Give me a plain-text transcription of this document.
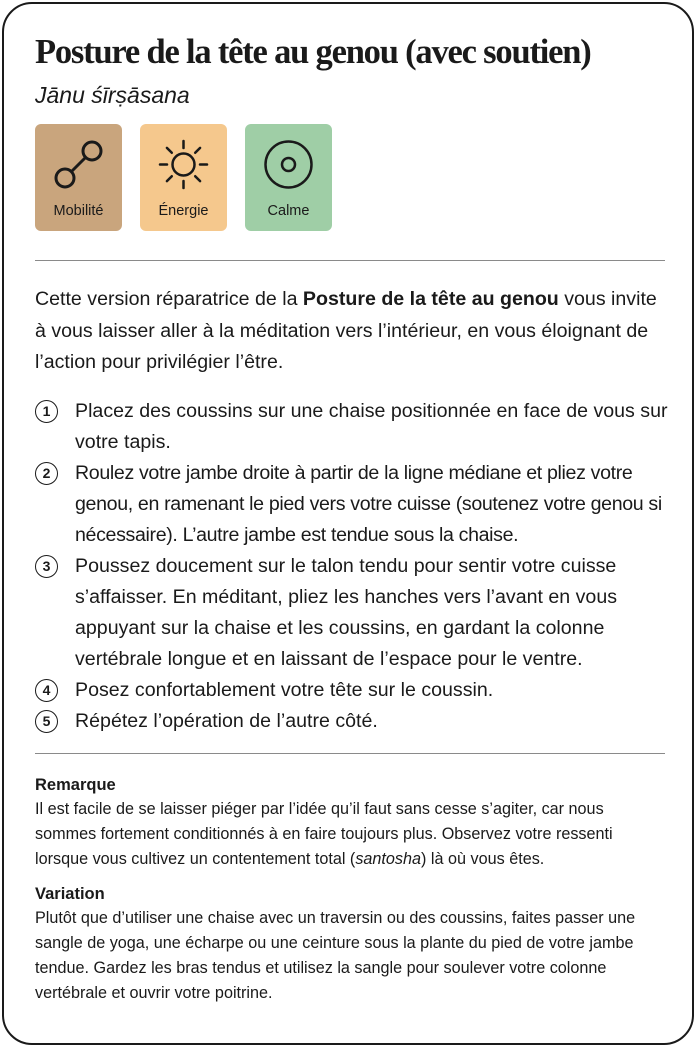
Posture de la tête au genou (avec soutien)
Jānu śīrṣāsana
Mobilité	Énergie	Calme

Cette version réparatrice de la Posture de la tête au genou vous invite à vous laisser aller à la méditation vers l’intérieur, en vous éloignant de l’action pour privilégier l’être.

1	Placez des coussins sur une chaise positionnée en face de vous sur votre tapis.
2	Roulez votre jambe droite à partir de la ligne médiane et pliez votre genou, en ramenant le pied vers votre cuisse (soutenez votre genou si nécessaire). L’autre jambe est tendue sous la chaise.
3	Poussez doucement sur le talon tendu pour sentir votre cuisse s’affaisser. En méditant, pliez les hanches vers l’avant en vous appuyant sur la chaise et les coussins, en gardant la colonne vertébrale longue et en laissant de l’espace pour le ventre.
4	Posez confortablement votre tête sur le coussin.
5	Répétez l’opération de l’autre côté.

Remarque

Il est facile de se laisser piéger par l’idée qu’il faut sans cesse s’agiter, car nous sommes fortement conditionnés à en faire toujours plus. Observez votre ressenti lorsque vous cultivez un contentement total (santosha) là où vous êtes.

Variation

Plutôt que d’utiliser une chaise avec un traversin ou des coussins, faites passer une sangle de yoga, une écharpe ou une ceinture sous la plante du pied de votre jambe tendue. Gardez les bras tendus et utilisez la sangle pour soulever votre colonne vertébrale et ouvrir votre poitrine.
